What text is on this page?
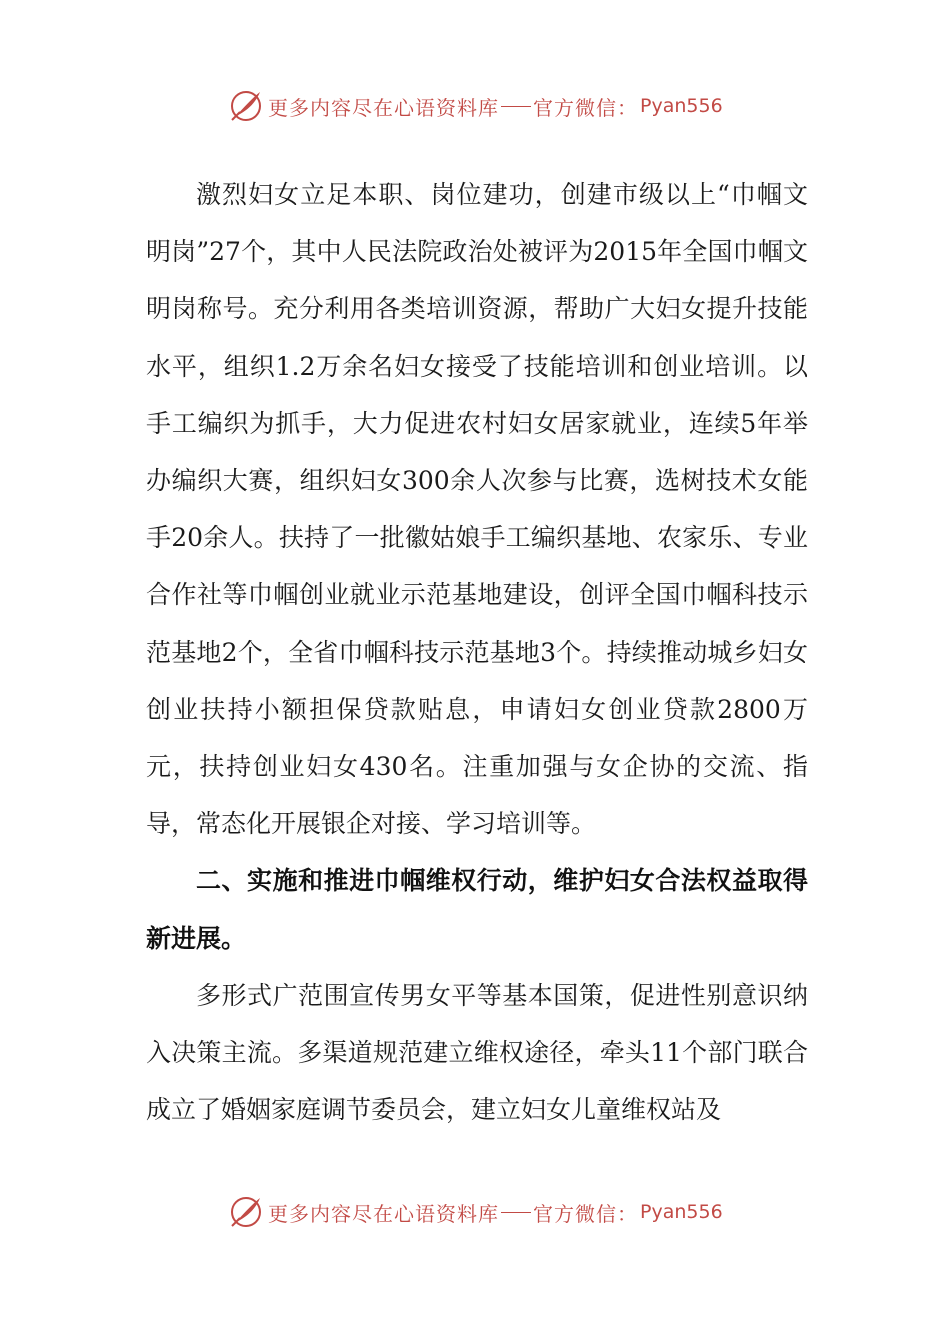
更多内容尽在心语资料库 官方微信： Pyan556

激烈妇女立足本职、岗位建功，创建市级以上“巾帼文明岗”27个，其中人民法院政治处被评为2015年全国巾帼文明岗称号。充分利用各类培训资源，帮助广大妇女提升技能水平，组织1.2万余名妇女接受了技能培训和创业培训。以手工编织为抓手，大力促进农村妇女居家就业，连续5年举办编织大赛，组织妇女300余人次参与比赛，选树技术女能手20余人。扶持了一批徽姑娘手工编织基地、农家乐、专业合作社等巾帼创业就业示范基地建设，创评全国巾帼科技示范基地2个，全省巾帼科技示范基地3个。持续推动城乡妇女创业扶持小额担保贷款贴息，申请妇女创业贷款2800万元，扶持创业妇女430名。注重加强与女企协的交流、指导，常态化开展银企对接、学习培训等。

二、实施和推进巾帼维权行动，维护妇女合法权益取得新进展。

多形式广范围宣传男女平等基本国策，促进性别意识纳入决策主流。多渠道规范建立维权途径，牵头11个部门联合成立了婚姻家庭调节委员会，建立妇女儿童维权站及

更多内容尽在心语资料库 官方微信： Pyan556
